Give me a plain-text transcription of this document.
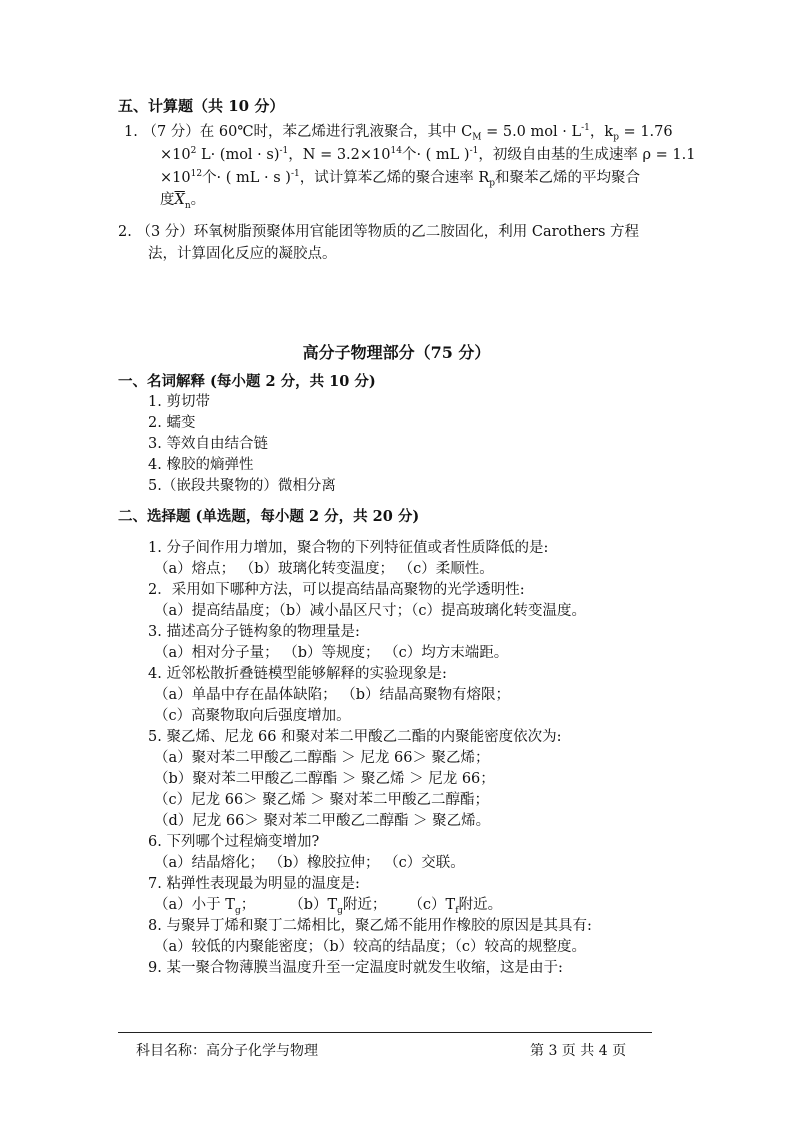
五、计算题（共 10 分）
1. （7 分）在 60℃时，苯乙烯进行乳液聚合，其中 $C_M = 5.0$ mol · $L^{-1}$，$k_p = 1.76$
$\times 10^2$ L· (mol · s)$^{-1}$，$N = 3.2\times 10^{14}$个· ( mL )$^{-1}$，初级自由基的生成速率 ρ = 1.1
$\times 10^{12}$个· ( mL · s )$^{-1}$，试计算苯乙烯的聚合速率 $R_p$和聚苯乙烯的平均聚合
度$\overline{X}_n$。
2. （3 分）环氧树脂预聚体用官能团等物质的乙二胺固化，利用 Carothers 方程
法，计算固化反应的凝胶点。
高分子物理部分（75 分）
一、名词解释 (每小题 2 分，共 10 分)
1. 剪切带
2. 蠕变
3. 等效自由结合链
4. 橡胶的熵弹性
5.（嵌段共聚物的）微相分离
二、选择题 (单选题，每小题 2 分，共 20 分)
1. 分子间作用力增加，聚合物的下列特征值或者性质降低的是:
（a）熔点； （b）玻璃化转变温度； （c）柔顺性。
2．采用如下哪种方法，可以提高结晶高聚物的光学透明性:
（a）提高结晶度；（b）减小晶区尺寸；（c）提高玻璃化转变温度。
3. 描述高分子链构象的物理量是:
（a）相对分子量； （b）等规度； （c）均方末端距。
4. 近邻松散折叠链模型能够解释的实验现象是:
（a）单晶中存在晶体缺陷； （b）结晶高聚物有熔限；
（c）高聚物取向后强度增加。
5. 聚乙烯、尼龙 66 和聚对苯二甲酸乙二酯的内聚能密度依次为:
（a）聚对苯二甲酸乙二醇酯 ＞ 尼龙 66＞ 聚乙烯；
（b）聚对苯二甲酸乙二醇酯 ＞ 聚乙烯 ＞ 尼龙 66；
（c）尼龙 66＞ 聚乙烯 ＞ 聚对苯二甲酸乙二醇酯；
（d）尼龙 66＞ 聚对苯二甲酸乙二醇酯 ＞ 聚乙烯。
6. 下列哪个过程熵变增加?
（a）结晶熔化； （b）橡胶拉伸； （c）交联。
7. 粘弹性表现最为明显的温度是:
（a）小于 $T_g$； $(b)T_g$附近； $(c)T_f$附近。
8. 与聚异丁烯和聚丁二烯相比，聚乙烯不能用作橡胶的原因是其具有:
（a）较低的内聚能密度；（b）较高的结晶度；（c）较高的规整度。
9. 某一聚合物薄膜当温度升至一定温度时就发生收缩，这是由于:
科目名称：高分子化学与物理	第 3 页 共 4 页
